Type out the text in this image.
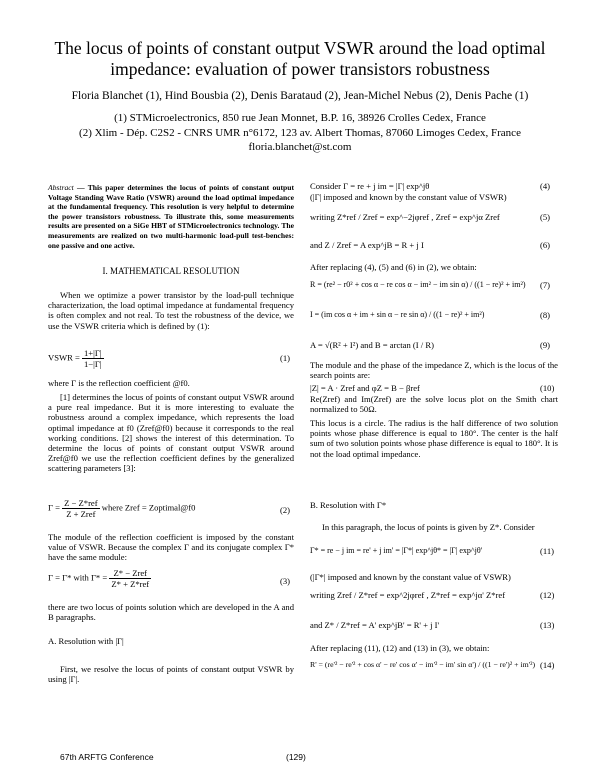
The locus of points of constant output VSWR around the load optimal
impedance: evaluation of power transistors robustness
Floria Blanchet (1), Hind Bousbia (2), Denis Barataud (2), Jean-Michel Nebus (2), Denis Pache (1)
(1) STMicroelectronics, 850 rue Jean Monnet, B.P. 16, 38926 Crolles Cedex, France
(2) Xlim - Dép. C2S2 - CNRS UMR n°6172, 123 av. Albert Thomas, 87060 Limoges Cedex, France
floria.blanchet@st.com

Abstract — This paper determines the locus of points of constant output Voltage Standing Wave Ratio (VSWR) around the load optimal impedance at the fundamental frequency. This resolution is very helpful to determine the power transistors robustness. To illustrate this, some measurements results are presented on a SiGe HBT of STMicroelectronics technology. The measurements are realized on two multi-harmonic load-pull test-benches: one passive and one active.

I. MATHEMATICAL RESOLUTION

When we optimize a power transistor by the load-pull technique characterization, the load optimal impedance at fundamental frequency is often complex and not real. To test the robustness of the device, we use the VSWR criteria which is defined by (1):

VSWR = $\frac{1+|\Gamma|}{1-|\Gamma|}$	(1)

where Γ is the reflection coefficient @f0.

[1] determines the locus of points of constant output VSWR around a pure real impedance. But it is more interesting to evaluate the robustness around a complex impedance, which represents the load optimal impedance at f0 (Zref@f0) because it corresponds to the real working conditions. [2] shows the interest of this determination. To determine the locus of points of constant output VSWR around Zref@f0 we use the reflection coefficient defines by the generalized scattering parameters [3]:

$\Gamma = \frac{\text{Z − Z*ref}}{\text{Z + Zref}}$ where Zref = Zoptimal@f0	(2)

The module of the reflection coefficient is imposed by the constant value of VSWR. Because the complex Γ and its conjugate complex Γ* have the same module:

Γ = Γ* with $\Gamma* = \frac{\text{Z* − Zref}}{\text{Z* + Z*ref}}$	(3)

there are two locus of points solution which are developed in the A and B paragraphs.

A. Resolution with |Γ|

First, we resolve the locus of points of constant output VSWR by using |Γ|.

Consider Γ = re + j im = |Γ| exp^jθ	(4)
(|Γ| imposed and known by the constant value of VSWR)
writing Z*ref / Zref = exp^−2jφref , Zref = exp^jα Zref	(5)
and Z / Zref = A exp^jB = R + j I	(6)
After replacing (4), (5) and (6) in (2), we obtain:
R = (re² − r0² + cos α − re cos α − im² − im sin α) / ((1 − re)² + im²) (7)
I = (im cos α + im + sin α − re sin α) / ((1 − re)² + im²)	(8)
A = √(R² + I²) and B = arctan (I / R)	(9)

The module and the phase of the impedance Z, which is the locus of the search points are:

|Z| = A · Zref and φZ = B − βref	(10)

Re(Zref) and Im(Zref) are the solve locus plot on the Smith chart normalized to 50Ω.

This locus is a circle. The radius is the half difference of two solution points whose phase difference is equal to 180°. The center is the half sum of two solution points whose phase difference is equal to 180°. It is not the load optimal impedance.

B. Resolution with Γ*

In this paragraph, the locus of points is given by Z*. Consider

Γ* = re − j im = re' + j im' = |Γ*| exp^jθ* = |Γ| exp^jθ'	(11)
(|Γ*| imposed and known by the constant value of VSWR)
writing Zref / Z*ref = exp^2jφref , Z*ref = exp^jα' Z*ref	(12)
and Z* / Z*ref = A' exp^jB' = R' + j I'	(13)
After replacing (11), (12) and (13) in (3), we obtain:
R' = (re'² − re'² + cos α' − re' cos α' − im'² − im' sin α') / ((1 − re')² + im'²) (14)
67th ARFTG Conference	(129)
